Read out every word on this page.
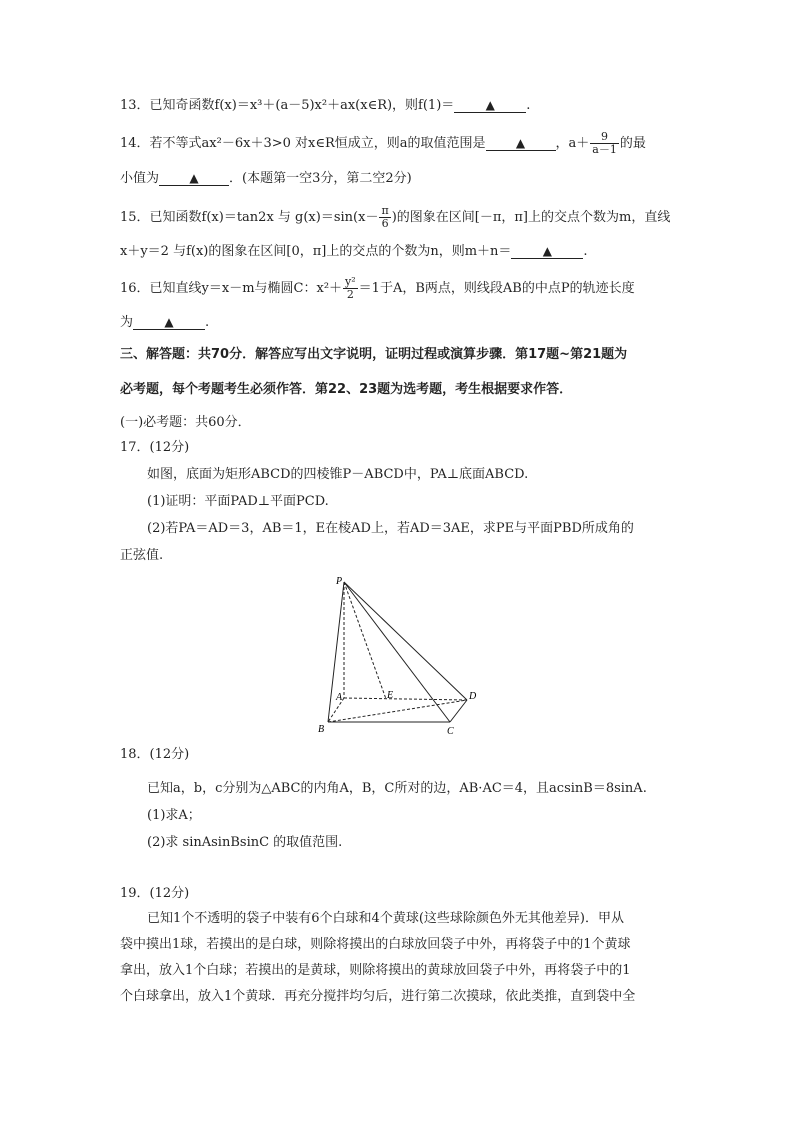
13．已知奇函数f(x)＝x³＋(a－5)x²＋ax(x∈R)，则f(1)＝	▲ .
14．若不等式ax²－6x＋3>0 对x∈R恒成立，则a的取值范围是	▲ ，$a+ \frac{9}{a-1}$ 的最
小值为	▲ ．(本题第一空3分，第二空2分)
15．已知函数f(x)＝tan2x 与 $g(x)=\sin(x- \frac{\pi}{6}$ )的图象在区间[－π，π]上的交点个数为m，直线
x＋y＝2 与f(x)的图象在区间[0，π]上的交点的个数为n，则m＋n＝	▲ .
16．已知直线y＝x－m与椭圆C：$x^2+ \frac{\text{y²}}{2} =1$于A，B两点，则线段AB的中点P的轨迹长度
为	▲ .
三、解答题：共70分．解答应写出文字说明，证明过程或演算步骤．第17题~第21题为
必考题，每个考题考生必须作答．第22、23题为选考题，考生根据要求作答．
(一)必考题：共60分．
17．(12分)
如图，底面为矩形ABCD的四棱锥P－ABCD中，PA⊥底面ABCD.
(1)证明：平面PAD⊥平面PCD.
(2)若PA＝AD＝3，AB＝1，E在棱AD上，若AD＝3AE，求PE与平面PBD所成角的
正弦值.
P
A	E	D
B	C
18．(12分)
已知a，b，c分别为△ABC的内角A，B，C所对的边，AB·AC＝4，且acsinB＝8sinA.
(1)求A；
(2)求 sinAsinBsinC 的取值范围.
19．(12分)
已知1个不透明的袋子中装有6个白球和4个黄球(这些球除颜色外无其他差异)．甲从
袋中摸出1球，若摸出的是白球，则除将摸出的白球放回袋子中外，再将袋子中的1个黄球
拿出，放入1个白球；若摸出的是黄球，则除将摸出的黄球放回袋子中外，再将袋子中的1
个白球拿出，放入1个黄球．再充分搅拌均匀后，进行第二次摸球，依此类推，直到袋中全
